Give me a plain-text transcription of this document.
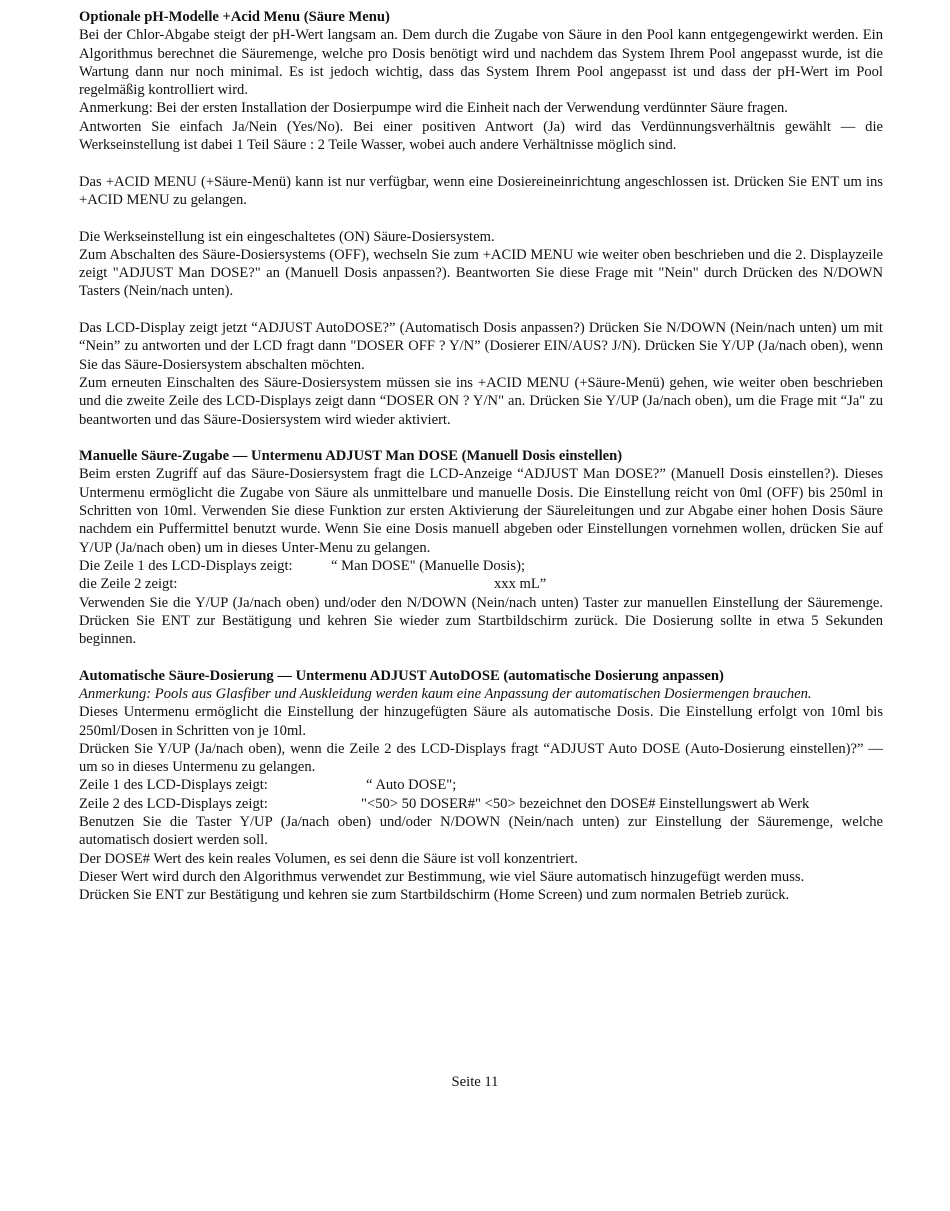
Optionale pH-Modelle +Acid Menu (Säure Menu)

Bei der Chlor-Abgabe steigt der pH-Wert langsam an. Dem durch die Zugabe von Säure in den Pool kann entgegengewirkt werden. Ein Algorithmus berechnet die Säuremenge, welche pro Dosis benötigt wird und nachdem das System Ihrem Pool angepasst wurde, ist die Wartung dann nur noch minimal. Es ist jedoch wichtig, dass das System Ihrem Pool angepasst ist und dass der pH-Wert im Pool regelmäßig kontrolliert wird.

Anmerkung: Bei der ersten Installation der Dosierpumpe wird die Einheit nach der Verwendung verdünnter Säure fragen.

Antworten Sie einfach Ja/Nein (Yes/No). Bei einer positiven Antwort (Ja) wird das Verdünnungsverhältnis gewählt — die Werkseinstellung ist dabei 1 Teil Säure : 2 Teile Wasser, wobei auch andere Verhältnisse möglich sind.

Das +ACID MENU (+Säure-Menü) kann ist nur verfügbar, wenn eine Dosiereineinrichtung angeschlossen ist. Drücken Sie ENT um ins +ACID MENU zu gelangen.

Die Werkseinstellung ist ein eingeschaltetes (ON) Säure-Dosiersystem.

Zum Abschalten des Säure-Dosiersystems (OFF), wechseln Sie zum +ACID MENU wie weiter oben beschrieben und die 2. Displayzeile zeigt "ADJUST Man DOSE?" an (Manuell Dosis anpassen?). Beantworten Sie diese Frage mit "Nein" durch Drücken des N/DOWN Tasters (Nein/nach unten).

Das LCD-Display zeigt jetzt “ADJUST AutoDOSE?” (Automatisch Dosis anpassen?) Drücken Sie N/DOWN (Nein/nach unten) um mit “Nein” zu antworten und der LCD fragt dann "DOSER OFF ? Y/N” (Dosierer EIN/AUS? J/N). Drücken Sie Y/UP (Ja/nach oben), wenn Sie das Säure-Dosiersystem abschalten möchten.

Zum erneuten Einschalten des Säure-Dosiersystem müssen sie ins +ACID MENU (+Säure-Menü) gehen, wie weiter oben beschrieben und die zweite Zeile des LCD-Displays zeigt dann “DOSER ON ? Y/N" an. Drücken Sie Y/UP (Ja/nach oben), um die Frage mit “Ja" zu beantworten und das Säure-Dosiersystem wird wieder aktiviert.

Manuelle Säure-Zugabe — Untermenu ADJUST Man DOSE (Manuell Dosis einstellen)

Beim ersten Zugriff auf das Säure-Dosiersystem fragt die LCD-Anzeige “ADJUST Man DOSE?” (Manuell Dosis einstellen?). Dieses Untermenu ermöglicht die Zugabe von Säure als unmittelbare und manuelle Dosis. Die Einstellung reicht von 0ml (OFF) bis 250ml in Schritten von 10ml. Verwenden Sie diese Funktion zur ersten Aktivierung der Säureleitungen und zur Abgabe einer hohen Dosis Säure nachdem ein Puffermittel benutzt wurde. Wenn Sie eine Dosis manuell abgeben oder Einstellungen vornehmen wollen, drücken Sie auf Y/UP (Ja/nach oben) um in dieses Unter-Menu zu gelangen.

Die Zeile 1 des LCD-Displays zeigt:	“ Man DOSE" (Manuelle Dosis);
die Zeile 2 zeigt:	xxx mL”

Verwenden Sie die Y/UP (Ja/nach oben) und/oder den N/DOWN (Nein/nach unten) Taster zur manuellen Einstellung der Säuremenge. Drücken Sie ENT zur Bestätigung und kehren Sie wieder zum Startbildschirm zurück. Die Dosierung sollte in etwa 5 Sekunden beginnen.

Automatische Säure-Dosierung — Untermenu ADJUST AutoDOSE (automatische Dosierung anpassen)

Anmerkung: Pools aus Glasfiber und Auskleidung werden kaum eine Anpassung der automatischen Dosiermengen brauchen.

Dieses Untermenu ermöglicht die Einstellung der hinzugefügten Säure als automatische Dosis. Die Einstellung erfolgt von 10ml bis 250ml/Dosen in Schritten von je 10ml.

Drücken Sie Y/UP (Ja/nach oben), wenn die Zeile 2 des LCD-Displays fragt “ADJUST Auto DOSE (Auto-Dosierung einstellen)?” — um so in dieses Untermenu zu gelangen.

Zeile 1 des LCD-Displays zeigt:	“ Auto DOSE";
Zeile 2 des LCD-Displays zeigt:	"<50> 50 DOSER#" <50> bezeichnet den DOSE# Einstellungswert ab Werk

Benutzen Sie die Taster Y/UP (Ja/nach oben) und/oder N/DOWN (Nein/nach unten) zur Einstellung der Säuremenge, welche automatisch dosiert werden soll.

Der DOSE# Wert des kein reales Volumen, es sei denn die Säure ist voll konzentriert.

Dieser Wert wird durch den Algorithmus verwendet zur Bestimmung, wie viel Säure automatisch hinzugefügt werden muss.

Drücken Sie ENT zur Bestätigung und kehren sie zum Startbildschirm (Home Screen) und zum normalen Betrieb zurück.

Seite 11
